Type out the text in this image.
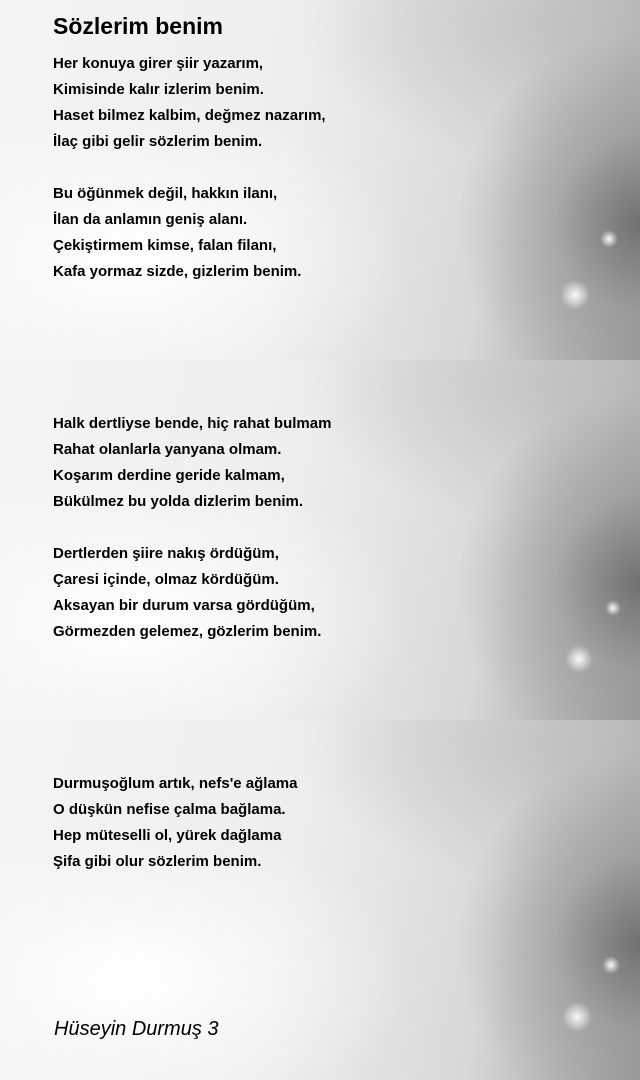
Sözlerim benim
Her konuya girer şiir yazarım,
Kimisinde kalır izlerim benim.
Haset bilmez kalbim, değmez nazarım,
İlaç gibi gelir sözlerim benim.
Bu öğünmek değil, hakkın ilanı,
İlan da anlamın geniş alanı.
Çekiştirmem kimse, falan filanı,
Kafa yormaz sizde, gizlerim benim.
Halk dertliyse bende, hiç rahat bulmam
Rahat olanlarla yanyana olmam.
Koşarım derdine geride kalmam,
Bükülmez bu yolda dizlerim benim.
Dertlerden şiire nakış ördüğüm,
Çaresi içinde, olmaz kördüğüm.
Aksayan bir durum varsa gördüğüm,
Görmezden gelemez, gözlerim benim.
Durmuşoğlum artık, nefs'e ağlama
O düşkün nefise çalma bağlama.
Hep müteselli ol, yürek dağlama
Şifa gibi olur sözlerim benim.
Hüseyin Durmuş 3
